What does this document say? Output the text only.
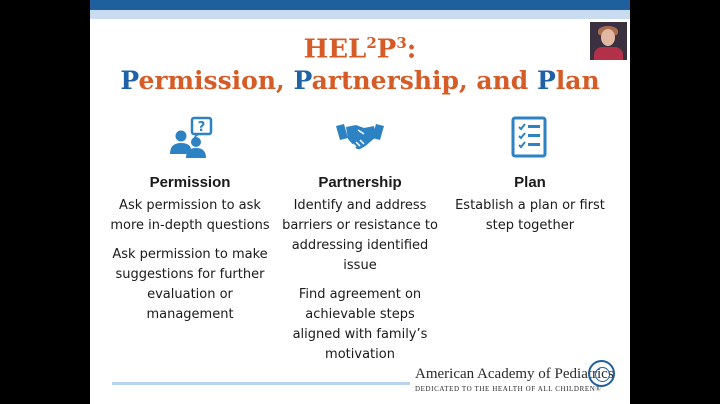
$HEL^2P^3$:
Permission, Partnership, and Plan
?
Permission

Ask permission to ask more in-depth questions

Ask permission to make suggestions for further evaluation or management

Partnership

Identify and address barriers or resistance to addressing identified issue

Find agreement on achievable steps aligned with family’s motivation

Plan

Establish a plan or first step together

American Academy of Pediatrics
DEDICATED TO THE HEALTH OF ALL CHILDREN®
